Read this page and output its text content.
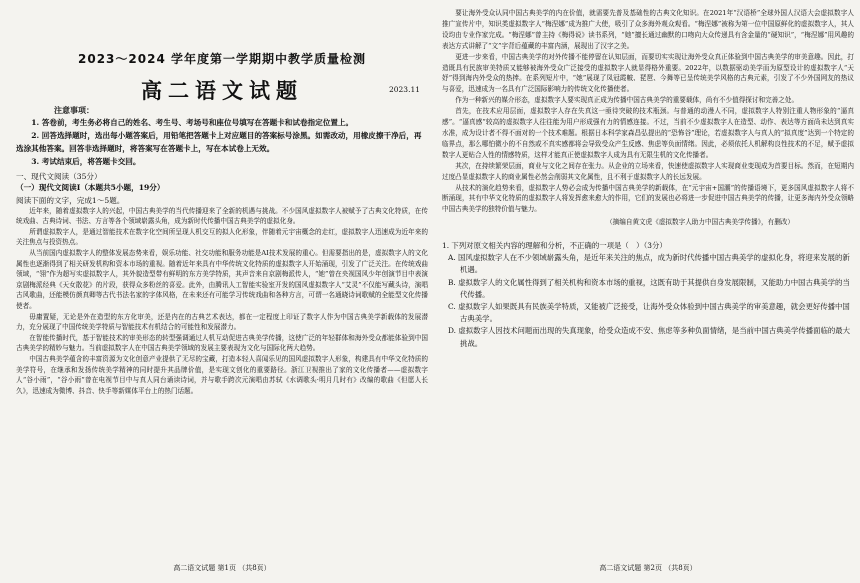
2023～2024 学年度第一学期期中教学质量检测
高二语文试题	2023.11
注意事项：
1. 答卷前，考生务必将自己的姓名、考生号、考场号和座位号填写在答题卡和试卷指定位置上。
2. 回答选择题时，选出每小题答案后，用铅笔把答题卡上对应题目的答案标号涂黑。如需改动，用橡皮擦干净后，再选涂其他答案。回答非选择题时，将答案写在答题卡上，写在本试卷上无效。
3. 考试结束后，将答题卡交回。
一、现代文阅读（35分）
（一）现代文阅读Ⅰ（本题共5小题，19分）
阅读下面的文字，完成1～5题。

近年来，随着虚拟数字人的兴起，中国古典美学的当代传播迎来了全新的机遇与挑战。不少国风虚拟数字人被赋予了古典文化特质，在传统戏曲、古典诗词、书法、方言等各个领域崭露头角，成为新时代传播中国古典美学的虚拟化身。

所谓虚拟数字人，是通过智能技术在数字化空间所呈现人机交互的拟人化形象，伴随着元宇宙概念的走红，虚拟数字人迅速成为近年来的关注焦点与投资热点。

从当前国内虚拟数字人的整体发展态势来看，娱乐功能、社交功能和服务功能是AI技术发展的重心。但需要指出的是，虚拟数字人的文化属性也逐渐得到了相关研发机构和资本市场的重视。随着近年来具有中华传统文化特质的虚拟数字人开始涌现，引发了广泛关注。在传统戏曲领域，“翎”作为超写实虚拟数字人，其外貌造型带有鲜明的东方美学特质，其声音来自京剧梅派传人，“她”曾在央视国风少年创演节目中表演京剧梅派经典《天女散花》的片段，获得众多粉丝的喜爱。此外，由腾讯人工智能实验室开发的国风虚拟数字人“艾灵”不仅能写藏头诗，演唱古风歌曲，还能模仿颜真卿等古代书法名家的字体风格，在未来还有可能学习传统戏曲和各种方言，可谓一名通晓诗词歌赋的全能型文化传播使者。

毋庸置疑，无论是外在造型的东方化审美，还是内在的古典艺术表达，都在一定程度上印证了数字人作为中国古典美学新载体的发展潜力，充分展现了中国传统美学特质与智能技术有机结合的可能性和发展潜力。

在智能传播时代，基于智能技术的审美形态的转型强调通过人机互动促进古典美学传播，这使广泛的年轻群体和海外受众都能体验到中国古典美学的精妙与魅力。当前虚拟数字人在中国古典美学领域的发展主要表现为文化与国际化两大趋势。

中国古典美学蕴含的丰富资源为文化创意产业提供了无尽的宝藏，打造本轻人喜闻乐见的国风虚拟数字人形象，构建具有中华文化特质的美学符号，在继承和发扬传统美学精神的同时提升其品牌价值，是实现文创化的重要路径。浙江卫视推出了家的文化传播者——虚拟数字人“谷小雨”，“谷小雨”曾在电视节目中与真人同台诵读诗词，并与歌手跨次元演唱由苏轼《水调歌头·明月几时有》改编的歌曲《但愿人长久》，迅速成为微博、抖音、快手等新媒体平台上的热门话题。

高二语文试题 第1页 （共8页）

要让海外受众认同中国古典美学的内在价值，就需要先普及基础性的古典文化知识。在2021年“汉语桥”全球外国人汉语大会虚拟数字人推广宣传片中，知识类虚拟数字人“梅涅娜”成为推广大使，吸引了众多海外观众观看。“梅涅娜”被称为第一位中国原鲜化的虚拟数字人，其人设均由专业作家完成。“梅涅娜”曾主持《梅得说》读书系列，“她”擅长通过幽默的口吻向大众传递具有含金量的“硬知识”，“梅涅娜”用风趣的表达方式讲解了“文”字背后蕴藏的丰富内涵，展现出了汉字之美。

更进一步来看，中国古典美学的对外传播不能停留在认知层面，而要切实实现让海外受众真正体验到中国古典美学的审美意趣。因此，打造既具有民族审美特质又能够被海外受众广泛接受的虚拟数字人就显得格外重要。2022年，以数据驱动美学而为原型设计的虚拟数字人“天妤”得到海内外受众的热捧。在系列短片中，“她”展现了凤冠霞帔、琵琶、今舞等已呈传统美学风格的古典元素，引发了不少外国网友的热议与喜爱，迅速成为一名具有广泛国际影响力的传统文化传播使者。

作为一种新兴的媒介形态，虚拟数字人要实现真正成为传播中国古典美学的重要载体，尚有不少值得探讨和完善之处。

首先，在技术应用层面，虚拟数字人存在失真这一亟待突破的技术瓶颈。与普通的动漫人不同，虚拟数字人特别注重人物形象的“逼真感”。“逼真感”较高的虚拟数字人往往能为用户形成强有力的情感连接。不过，当前不少虚拟数字人在造型、动作、表达等方面尚未达到真实水准，成为设计者不得不面对的一个技术难题。根据日本科学家森昌弘提出的“恐怖谷”理论，若虚拟数字人与真人的“拟真度”达到一个特定的临界点，那么哪怕微小的不自然或不真实感都将会导致受众产生反感、焦虑等负面情绪。因此，必须依托人机解构良性技术的不足，赋予虚拟数字人更贴合人性的情感特质，这样才能真正使虚拟数字人成为具有无限生机的文化传播者。

其次，在持续繁荣层面，商业与文化之间存在张力。从企业的立场来看，快速使虚拟数字人实现商业变现成为首要目标。然而，在短期内过度凸显虚拟数字人的商业属性必然会削弱其文化属性，且不利于虚拟数字人的长远发展。

从技术的演化趋势来看，虚拟数字人势必会成为传播中国古典美学的新载体，在“元宇宙+国潮”的传播语境下，更多国风虚拟数字人将不断涌现，其有中华文化特质的虚拟数字人将发挥愈来愈大的作用，它们的发展也必将进一步促进中国古典美学的传播，让更多海内外受众领略中国古典美学的独特价值与魅力。

（摘编自黄文虎《虚拟数字人助力中国古典美学传播》，有删改）
1. 下列对原文相关内容的理解和分析，不正确的一项是（　）（3分）
A. 国风虚拟数字人在不少领域崭露头角，是近年来关注的焦点，成为新时代传播中国古典美学的虚拟化身，将迎来发展的新机遇。
B. 虚拟数字人的文化属性得到了相关机构和资本市场的重视，这既有助于其提供自身发展限制，又能助力中国古典美学的当代传播。
C. 虚拟数字人如果既具有民族美学特质，又能被广泛接受，让海外受众体验到中国古典美学的审美意趣，就会更好传播中国古典美学。
D. 虚拟数字人因技术问题而出现的失真现象，给受众造成不安、焦虑等多种负面情绪，是当前中国古典美学传播面临的最大挑战。
高二语文试题 第2页 （共8页）
